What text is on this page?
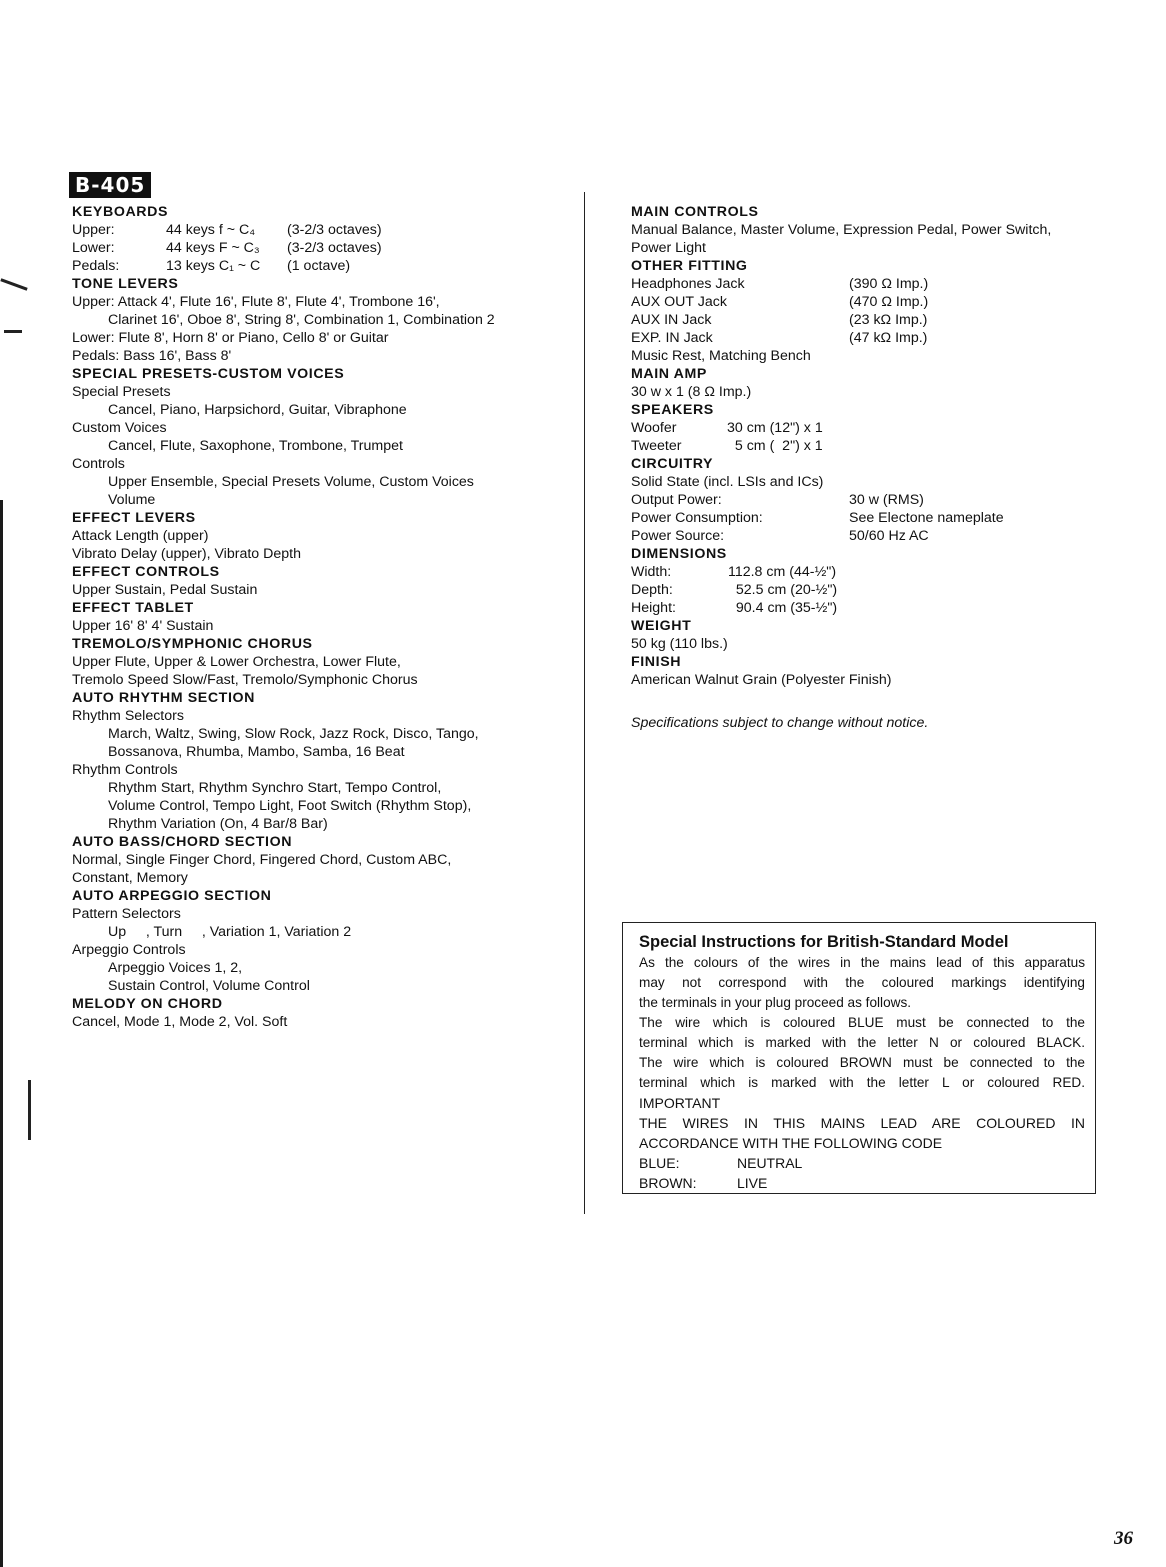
B-405
KEYBOARDS
Upper:	44 keys f ~ C₄	(3-2/3 octaves)
Lower:	44 keys F ~ C₃	(3-2/3 octaves)
Pedals:	13 keys C₁ ~ C	(1 octave)
TONE LEVERS
Upper: Attack 4', Flute 16', Flute 8', Flute 4', Trombone 16',
Clarinet 16', Oboe 8', String 8', Combination 1, Combination 2
Lower: Flute 8', Horn 8' or Piano, Cello 8' or Guitar
Pedals: Bass 16', Bass 8'
SPECIAL PRESETS-CUSTOM VOICES
Special Presets
Cancel, Piano, Harpsichord, Guitar, Vibraphone
Custom Voices
Cancel, Flute, Saxophone, Trombone, Trumpet
Controls
Upper Ensemble, Special Presets Volume, Custom Voices
Volume
EFFECT LEVERS
Attack Length (upper)
Vibrato Delay (upper), Vibrato Depth
EFFECT CONTROLS
Upper Sustain, Pedal Sustain
EFFECT TABLET
Upper 16' 8' 4' Sustain
TREMOLO/SYMPHONIC CHORUS
Upper Flute, Upper & Lower Orchestra, Lower Flute,
Tremolo Speed Slow/Fast, Tremolo/Symphonic Chorus
AUTO RHYTHM SECTION
Rhythm Selectors
March, Waltz, Swing, Slow Rock, Jazz Rock, Disco, Tango,
Bossanova, Rhumba, Mambo, Samba, 16 Beat
Rhythm Controls
Rhythm Start, Rhythm Synchro Start, Tempo Control,
Volume Control, Tempo Light, Foot Switch (Rhythm Stop),
Rhythm Variation (On, 4 Bar/8 Bar)
AUTO BASS/CHORD SECTION
Normal, Single Finger Chord, Fingered Chord, Custom ABC,
Constant, Memory
AUTO ARPEGGIO SECTION
Pattern Selectors
Up     , Turn     , Variation 1, Variation 2
Arpeggio Controls
Arpeggio Voices 1, 2,
Sustain Control, Volume Control
MELODY ON CHORD
Cancel, Mode 1, Mode 2, Vol. Soft
MAIN CONTROLS
Manual Balance, Master Volume, Expression Pedal, Power Switch,
Power Light
OTHER FITTING
Headphones Jack	(390 Ω Imp.)
AUX OUT Jack	(470 Ω Imp.)
AUX IN Jack	(23 kΩ Imp.)
EXP. IN Jack	(47 kΩ Imp.)
Music Rest, Matching Bench
MAIN AMP
30 w x 1 (8 Ω Imp.)
SPEAKERS
Woofer	30 cm (12") x 1
Tweeter	5 cm (  2") x 1
CIRCUITRY
Solid State (incl. LSIs and ICs)
Output Power:	30 w (RMS)
Power Consumption:	See Electone nameplate
Power Source:	50/60 Hz AC
DIMENSIONS
Width:	112.8 cm (44-½")
Depth:	52.5 cm (20-½")
Height:	90.4 cm (35-½")
WEIGHT
50 kg (110 lbs.)
FINISH
American Walnut Grain (Polyester Finish)
Specifications subject to change without notice.
Special Instructions for British-Standard Model
As the colours of the wires in the mains lead of this apparatus
may not correspond with the coloured markings identifying
the terminals in your plug proceed as follows.
The wire which is coloured BLUE must be connected to the
terminal which is marked with the letter N or coloured BLACK.
The wire which is coloured BROWN must be connected to the
terminal which is marked with the letter L or coloured RED.
IMPORTANT
THE WIRES IN THIS MAINS LEAD ARE COLOURED IN
ACCORDANCE WITH THE FOLLOWING CODE
BLUE:	NEUTRAL
BROWN:	LIVE
36
